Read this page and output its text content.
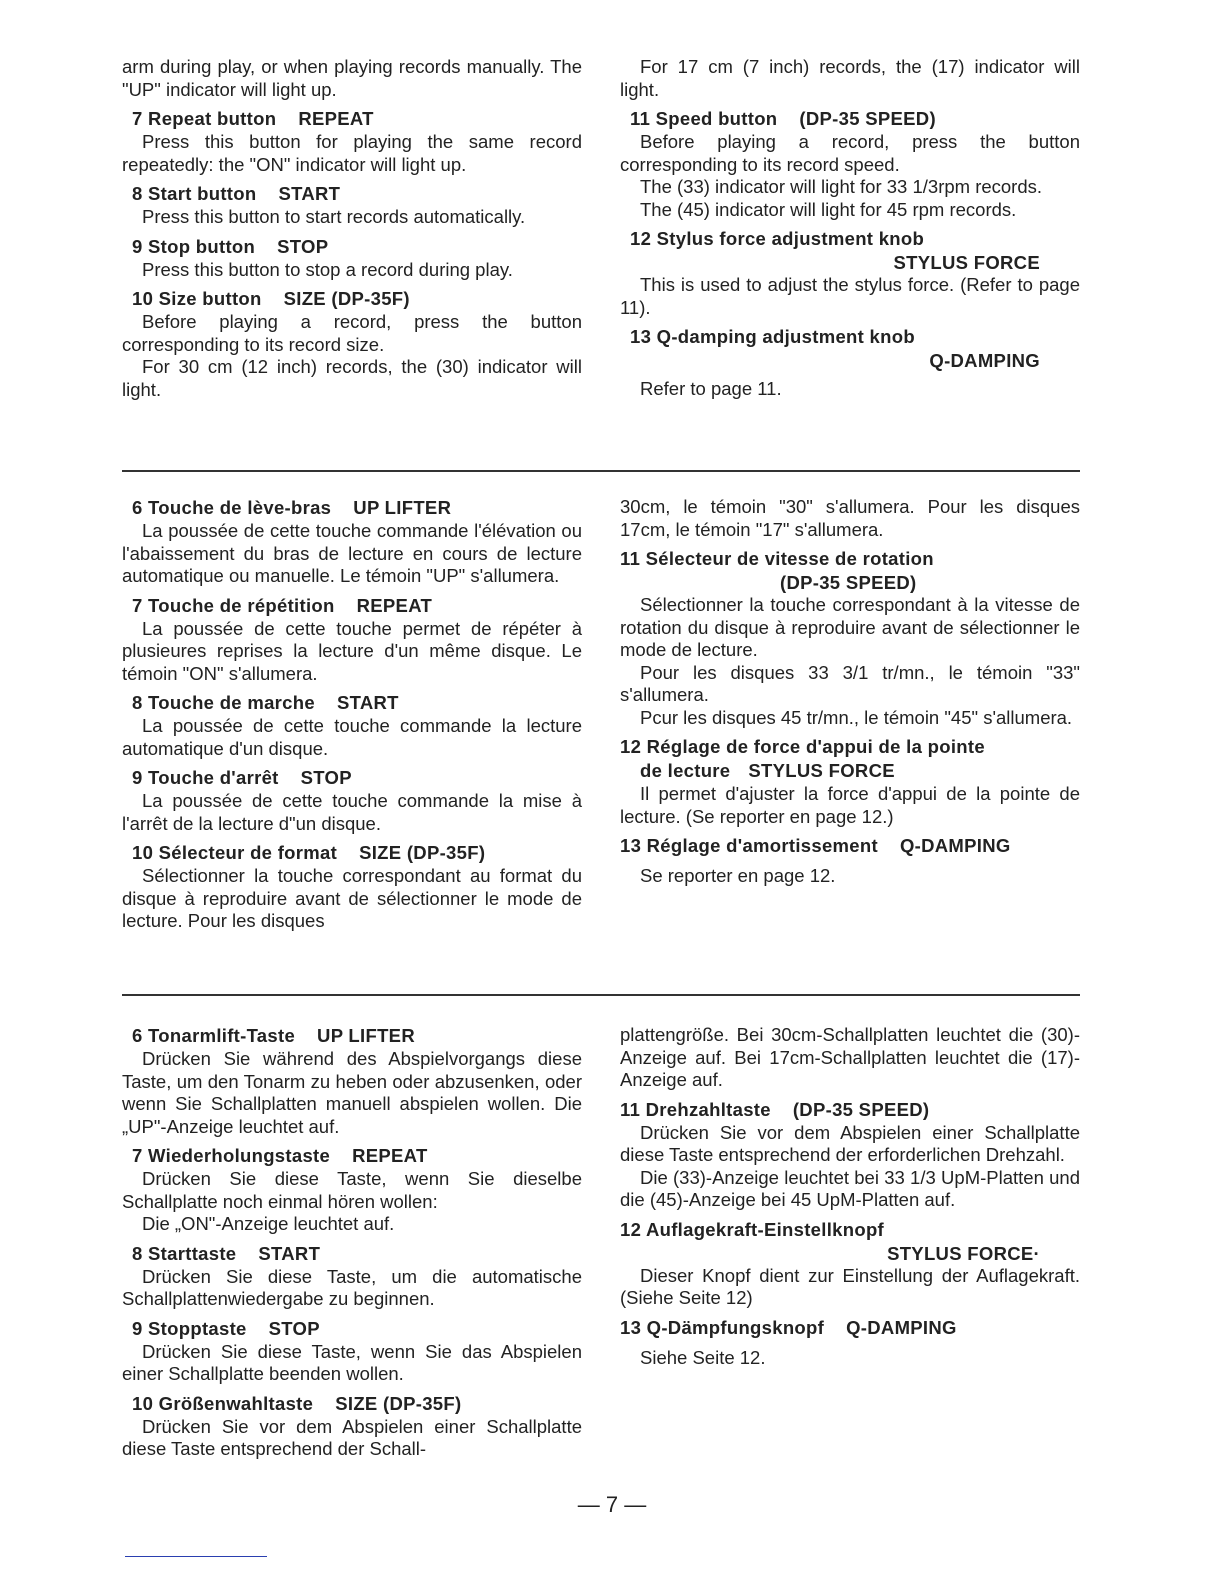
arm during play, or when playing records manually. The "UP" indicator will light up.

7 Repeat button REPEAT

Press this button for playing the same record repeatedly: the "ON" indicator will light up.

8 Start button START

Press this button to start records automatically.

9 Stop button STOP

Press this button to stop a record during play.

10 Size button SIZE (DP-35F)

Before playing a record, press the button corresponding to its record size.

For 30 cm (12 inch) records, the (30) indicator will light.

For 17 cm (7 inch) records, the (17) indicator will light.

11 Speed button (DP-35 SPEED)

Before playing a record, press the button corresponding to its record speed.

The (33) indicator will light for 33 1/3rpm records.

The (45) indicator will light for 45 rpm records.

12 Stylus force adjustment knob
STYLUS FORCE

This is used to adjust the stylus force. (Refer to page 11).

13 Q-damping adjustment knob
Q-DAMPING

Refer to page 11.

6 Touche de lève-bras UP LIFTER

La poussée de cette touche commande l'élévation ou l'abaissement du bras de lecture en cours de lecture automatique ou manuelle. Le témoin "UP" s'allumera.

7 Touche de répétition REPEAT

La poussée de cette touche permet de répéter à plusieures reprises la lecture d'un même disque. Le témoin "ON" s'allumera.

8 Touche de marche START

La poussée de cette touche commande la lecture automatique d'un disque.

9 Touche d'arrêt STOP

La poussée de cette touche commande la mise à l'arrêt de la lecture d"un disque.

10 Sélecteur de format SIZE (DP-35F)

Sélectionner la touche correspondant au format du disque à reproduire avant de sélectionner le mode de lecture. Pour les disques

30cm, le témoin "30" s'allumera. Pour les disques 17cm, le témoin "17" s'allumera.

11 Sélecteur de vitesse de rotation
(DP-35 SPEED)

Sélectionner la touche correspondant à la vitesse de rotation du disque à reproduire avant de sélectionner le mode de lecture.

Pour les disques 33 3/1 tr/mn., le témoin "33" s'allumera.

Pcur les disques 45 tr/mn., le témoin "45" s'allumera.

12 Réglage de force d'appui de la pointe
de lecture STYLUS FORCE

Il permet d'ajuster la force d'appui de la pointe de lecture. (Se reporter en page 12.)

13 Réglage d'amortissement Q-DAMPING

Se reporter en page 12.

6 Tonarmlift-Taste UP LIFTER

Drücken Sie während des Abspielvorgangs diese Taste, um den Tonarm zu heben oder abzusenken, oder wenn Sie Schallplatten manuell abspielen wollen. Die „UP"-Anzeige leuchtet auf.

7 Wiederholungstaste REPEAT

Drücken Sie diese Taste, wenn Sie dieselbe Schallplatte noch einmal hören wollen:

Die „ON"-Anzeige leuchtet auf.

8 Starttaste START

Drücken Sie diese Taste, um die automatische Schallplattenwiedergabe zu beginnen.

9 Stopptaste STOP

Drücken Sie diese Taste, wenn Sie das Abspielen einer Schallplatte beenden wollen.

10 Größenwahltaste SIZE (DP-35F)

Drücken Sie vor dem Abspielen einer Schallplatte diese Taste entsprechend der Schall-

plattengröße. Bei 30cm-Schallplatten leuchtet die (30)-Anzeige auf. Bei 17cm-Schallplatten leuchtet die (17)-Anzeige auf.

11 Drehzahltaste (DP-35 SPEED)

Drücken Sie vor dem Abspielen einer Schallplatte diese Taste entsprechend der erforderlichen Drehzahl.

Die (33)-Anzeige leuchtet bei 33 1/3 UpM-Platten und die (45)-Anzeige bei 45 UpM-Platten auf.

12 Auflagekraft-Einstellknopf
STYLUS FORCE·

Dieser Knopf dient zur Einstellung der Auflagekraft. (Siehe Seite 12)

13 Q-Dämpfungsknopf Q-DAMPING

Siehe Seite 12.

— 7 —
